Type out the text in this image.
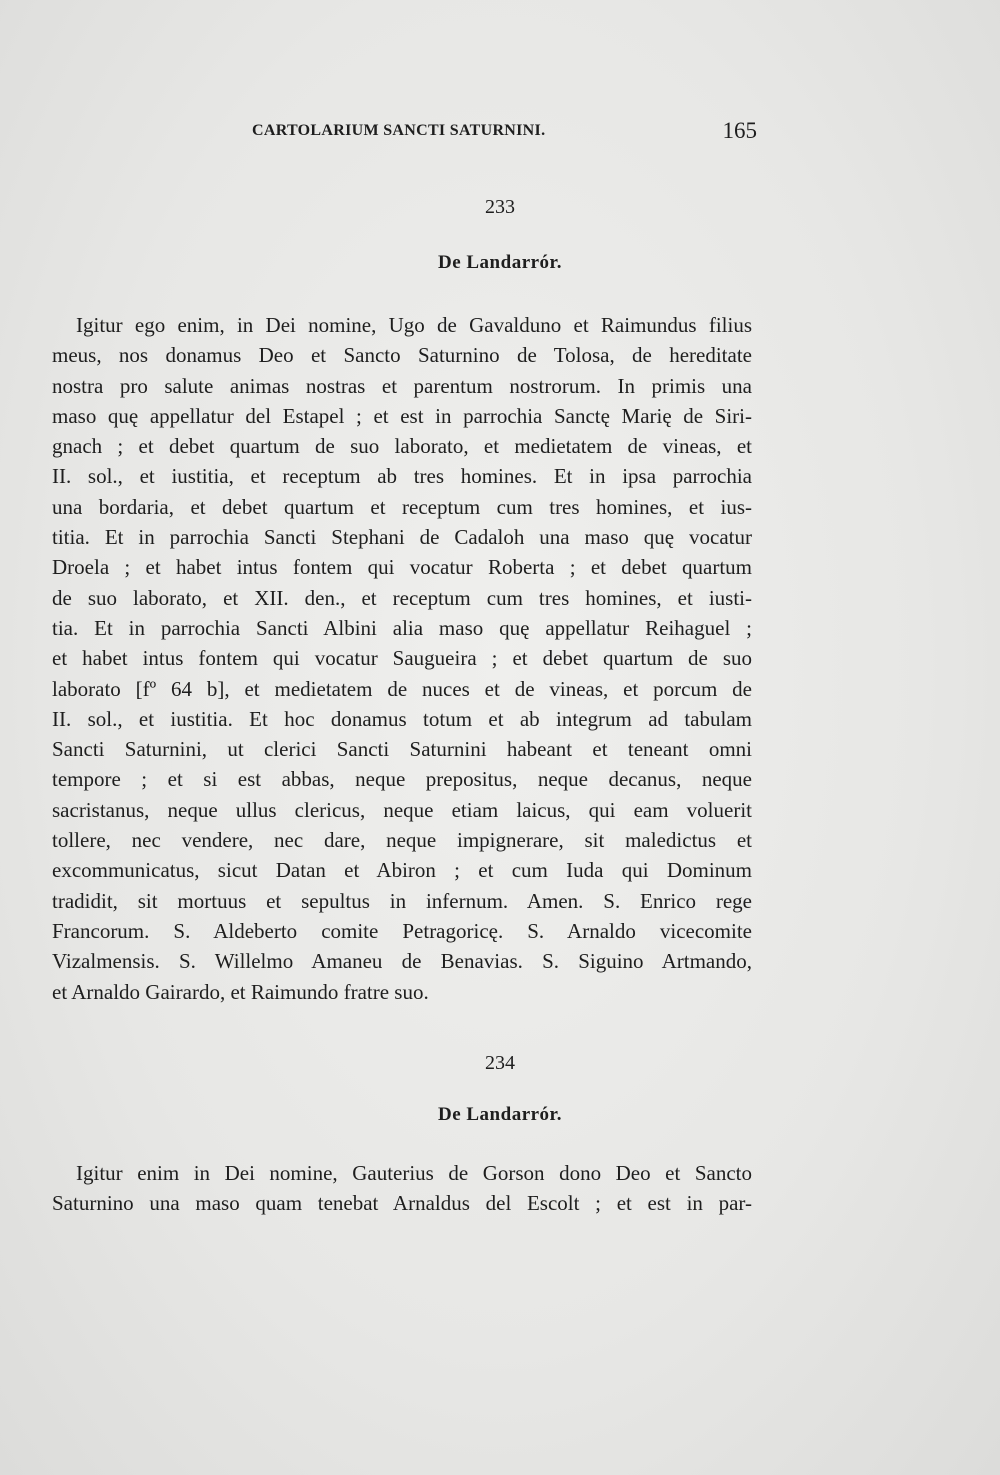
CARTOLARIUM SANCTI SATURNINI.	165
233
De Landarrór.
Igitur ego enim, in Dei nomine, Ugo de Gavalduno et Raimundus filius
meus, nos donamus Deo et Sancto Saturnino de Tolosa, de hereditate
nostra pro salute animas nostras et parentum nostrorum. In primis una
maso quę appellatur del Estapel ; et est in parrochia Sanctę Marię de Siri-
gnach ; et debet quartum de suo laborato, et medietatem de vineas, et
II. sol., et iustitia, et receptum ab tres homines. Et in ipsa parrochia
una bordaria, et debet quartum et receptum cum tres homines, et ius-
titia. Et in parrochia Sancti Stephani de Cadaloh una maso quę vocatur
Droela ; et habet intus fontem qui vocatur Roberta ; et debet quartum
de suo laborato, et XII. den., et receptum cum tres homines, et iusti-
tia. Et in parrochia Sancti Albini alia maso quę appellatur Reihaguel ;
et habet intus fontem qui vocatur Saugueira ; et debet quartum de suo
laborato [fº 64 b], et medietatem de nuces et de vineas, et porcum de
II. sol., et iustitia. Et hoc donamus totum et ab integrum ad tabulam
Sancti Saturnini, ut clerici Sancti Saturnini habeant et teneant omni
tempore ; et si est abbas, neque prepositus, neque decanus, neque
sacristanus, neque ullus clericus, neque etiam laicus, qui eam voluerit
tollere, nec vendere, nec dare, neque impignerare, sit maledictus et
excommunicatus, sicut Datan et Abiron ; et cum Iuda qui Dominum
tradidit, sit mortuus et sepultus in infernum. Amen. S. Enrico rege
Francorum. S. Aldeberto comite Petragoricę. S. Arnaldo vicecomite
Vizalmensis. S. Willelmo Amaneu de Benavias. S. Siguino Artmando,
et Arnaldo Gairardo, et Raimundo fratre suo.
234
De Landarrór.
Igitur enim in Dei nomine, Gauterius de Gorson dono Deo et Sancto
Saturnino una maso quam tenebat Arnaldus del Escolt ; et est in par-
